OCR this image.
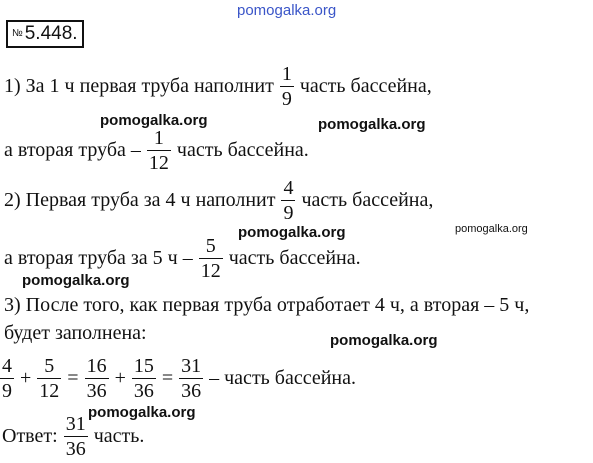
pomogalka.org
pomogalka.org	pomogalka.org
pomogalka.org	pomogalka.org
pomogalka.org
pomogalka.org
pomogalka.org
№ 5.448.
1) За 1 ч первая труба наполнит $\frac{1}{9}$ часть бассейна,
а вторая труба – $\frac{1}{12}$ часть бассейна.
2) Первая труба за 4 ч наполнит $\frac{4}{9}$ часть бассейна,
а вторая труба за 5 ч – $\frac{5}{12}$ часть бассейна.
3) После того, как первая труба отработает 4 ч, а вторая – 5 ч,
будет заполнена:
$\frac{4}{9} + \frac{5}{12} = \frac{16}{36} + \frac{15}{36} = \frac{31}{36}$ – часть бассейна.
Ответ: $\frac{31}{36}$ часть.
